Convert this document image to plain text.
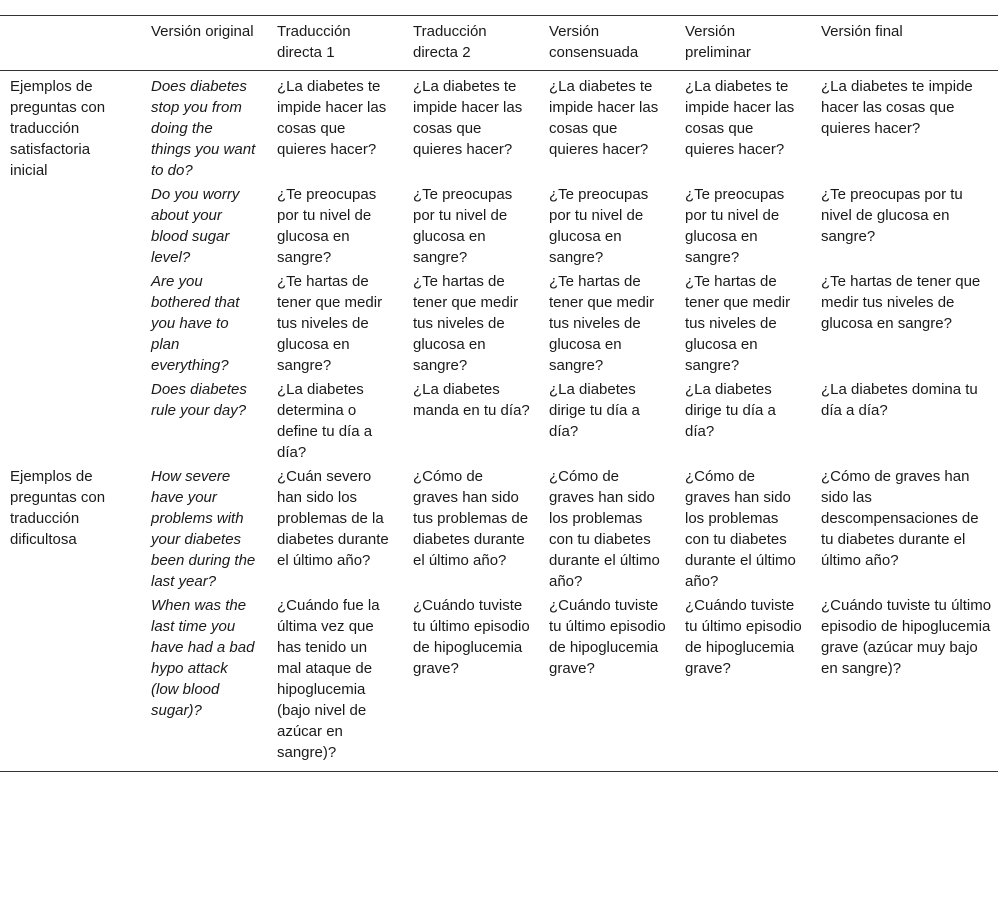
	Versión original	Traducción directa 1	Traducción directa 2	Versión consensuada	Versión preliminar	Versión final
Ejemplos de preguntas con traducción satisfactoria inicial	Does diabetes stop you from doing the things you want to do?	¿La diabetes te impide hacer las cosas que quieres hacer?	¿La diabetes te impide hacer las cosas que quieres hacer?	¿La diabetes te impide hacer las cosas que quieres hacer?	¿La diabetes te impide hacer las cosas que quieres hacer?	¿La diabetes te impide hacer las cosas que quieres hacer?
	Do you worry about your blood sugar level?	¿Te preocupas por tu nivel de glucosa en sangre?	¿Te preocupas por tu nivel de glucosa en sangre?	¿Te preocupas por tu nivel de glucosa en sangre?	¿Te preocupas por tu nivel de glucosa en sangre?	¿Te preocupas por tu nivel de glucosa en sangre?
	Are you bothered that you have to plan everything?	¿Te hartas de tener que medir tus niveles de glucosa en sangre?	¿Te hartas de tener que medir tus niveles de glucosa en sangre?	¿Te hartas de tener que medir tus niveles de glucosa en sangre?	¿Te hartas de tener que medir tus niveles de glucosa en sangre?	¿Te hartas de tener que medir tus niveles de glucosa en sangre?
	Does diabetes rule your day?	¿La diabetes determina o define tu día a día?	¿La diabetes manda en tu día?	¿La diabetes dirige tu día a día?	¿La diabetes dirige tu día a día?	¿La diabetes domina tu día a día?
Ejemplos de preguntas con traducción dificultosa	How severe have your problems with your diabetes been during the last year?	¿Cuán severo han sido los problemas de la diabetes durante el último año?	¿Cómo de graves han sido tus problemas de diabetes durante el último año?	¿Cómo de graves han sido los problemas con tu diabetes durante el último año?	¿Cómo de graves han sido los problemas con tu diabetes durante el último año?	¿Cómo de graves han sido las descompensaciones de tu diabetes durante el último año?
	When was the last time you have had a bad hypo attack (low blood sugar)?	¿Cuándo fue la última vez que has tenido un mal ataque de hipoglucemia (bajo nivel de azúcar en sangre)?	¿Cuándo tuviste tu último episodio de hipoglucemia grave?	¿Cuándo tuviste tu último episodio de hipoglucemia grave?	¿Cuándo tuviste tu último episodio de hipoglucemia grave?	¿Cuándo tuviste tu último episodio de hipoglucemia grave (azúcar muy bajo en sangre)?
